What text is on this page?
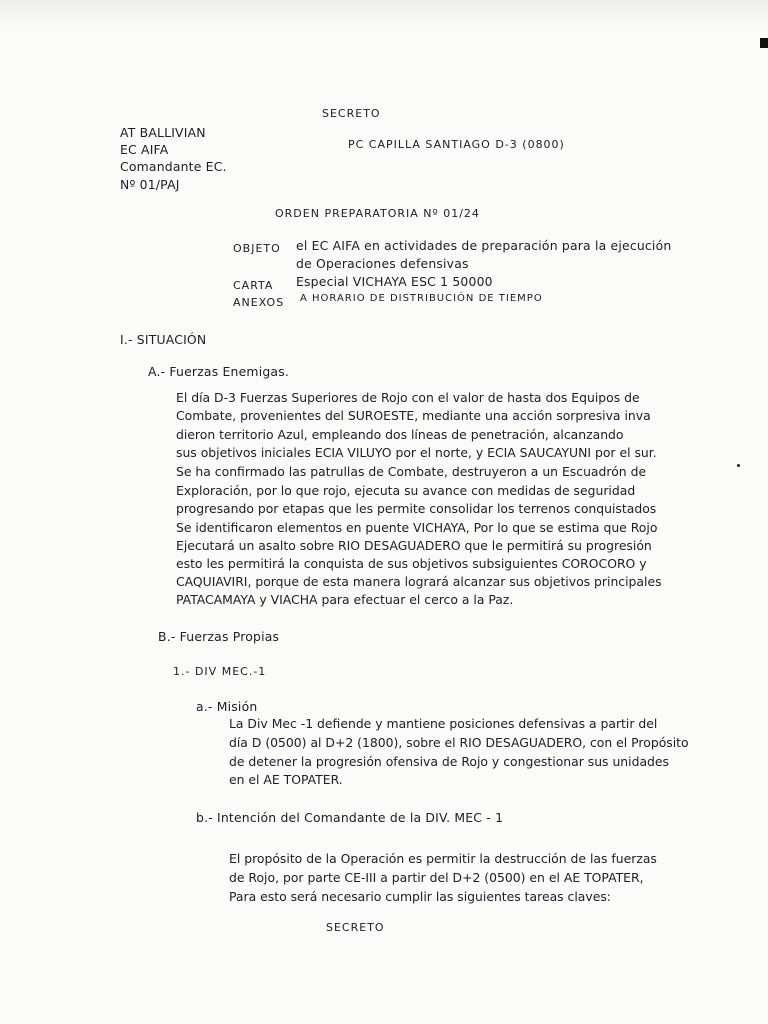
SECRETO
AT BALLIVIAN
EC AIFA
Comandante EC.
Nº 01/PAJ
PC CAPILLA SANTIAGO D-3 (0800)
ORDEN PREPARATORIA Nº 01/24
OBJETO el EC AIFA en actividades de preparación para la ejecución
de Operaciones defensivas
CARTA Especial VICHAYA ESC 1 50000
ANEXOS A HORARIO DE DISTRIBUCIÓN DE TIEMPO
I.- SITUACIÓN
A.- Fuerzas Enemigas.
El día D-3 Fuerzas Superiores de Rojo con el valor de hasta dos Equipos de
Combate, provenientes del SUROESTE, mediante una acción sorpresiva inva
dieron territorio Azul, empleando dos líneas de penetración, alcanzando
sus objetivos iniciales ECIA VILUYO por el norte, y ECIA SAUCAYUNI por el sur.
Se ha confirmado las patrullas de Combate, destruyeron a un Escuadrón de
Exploración, por lo que rojo, ejecuta su avance con medidas de seguridad
progresando por etapas que les permite consolidar los terrenos conquistados
Se identificaron elementos en puente VICHAYA, Por lo que se estima que Rojo
Ejecutará un asalto sobre RIO DESAGUADERO que le permitirá su progresión
esto les permitirá la conquista de sus objetivos subsiguientes COROCORO y
CAQUIAVIRI, porque de esta manera logrará alcanzar sus objetivos principales
PATACAMAYA y VIACHA para efectuar el cerco a la Paz.
B.- Fuerzas Propias
1.- DIV MEC.-1
a.- Misión
La Div Mec -1 defiende y mantiene posiciones defensivas a partir del
día D (0500) al D+2 (1800), sobre el RIO DESAGUADERO, con el Propósito
de detener la progresión ofensiva de Rojo y congestionar sus unidades
en el AE TOPATER.
b.- Intención del Comandante de la DIV. MEC - 1
El propósito de la Operación es permitir la destrucción de las fuerzas
de Rojo, por parte CE-III a partir del D+2 (0500) en el AE TOPATER,
Para esto será necesario cumplir las siguientes tareas claves:
SECRETO
